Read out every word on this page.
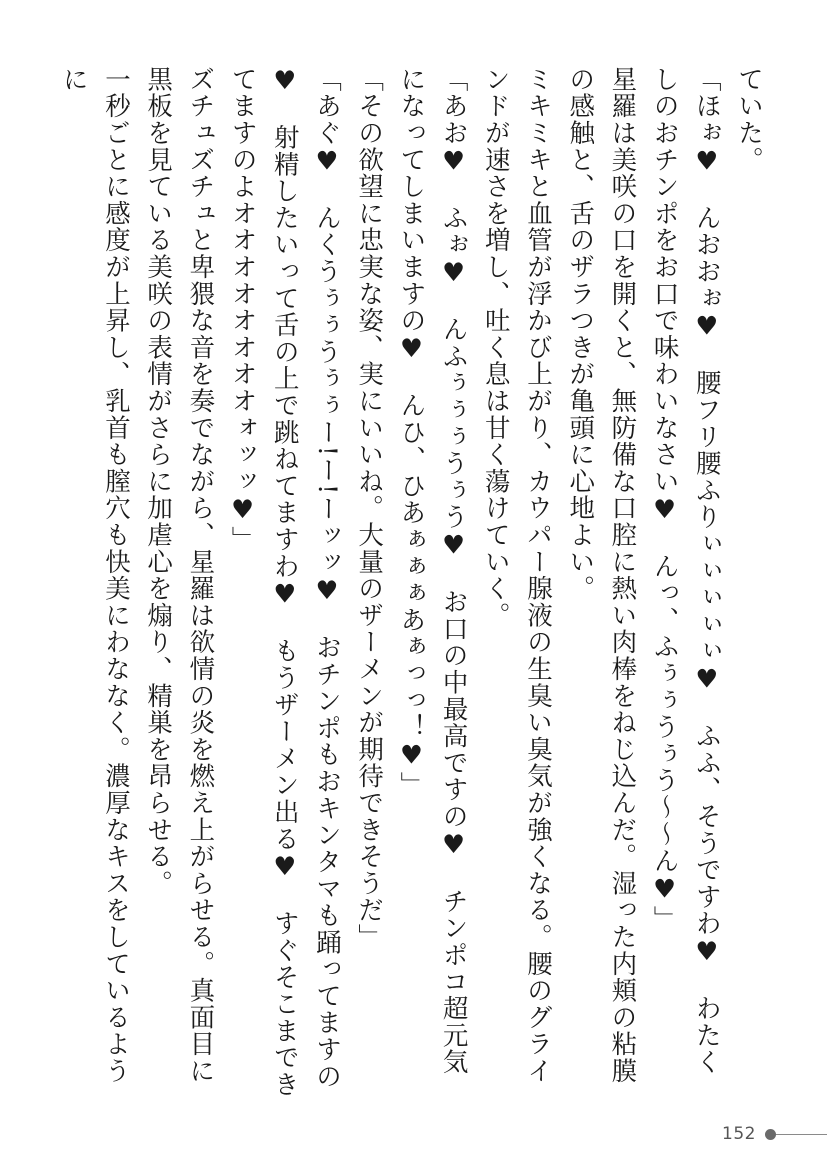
ていた。

「ほぉ♥　んおおぉ♥　腰フリ腰ふりぃぃぃぃぃ♥　ふふ、そうですわ♥　わたくしのおチンポをお口で味わいなさい♥　んっ、ふぅぅうぅう〜〜ん♥」

星羅は美咲の口を開くと、無防備な口腔に熱い肉棒をねじ込んだ。湿った内頬の粘膜の感触と、舌のザラつきが亀頭に心地よい。

ミキミキと血管が浮かび上がり、カウパー腺液の生臭い臭気が強くなる。腰のグラインドが速さを増し、吐く息は甘く蕩けていく。

「あお♥　ふぉ♥　んふぅぅぅうぅう♥　お口の中最高ですの♥　チンポコ超元気になってしまいますの♥　んひ、ひあぁぁぁあぁっっ！♥」

「その欲望に忠実な姿、実にいいね。大量のザーメンが期待できそうだ」

「あぐ♥　んくうぅぅうぅぅー!ー!ーッッ♥　おチンポもおキンタマも踊ってますの♥　射精したいって舌の上で跳ねてますわ♥　もうザーメン出る♥　すぐそこまできてますのよオオオオオオオオォッッ♥」

ズチュズチュと卑猥な音を奏でながら、星羅は欲情の炎を燃え上がらせる。真面目に黒板を見ている美咲の表情がさらに加虐心を煽り、精巣を昂らせる。

一秒ごとに感度が上昇し、乳首も膣穴も快美にわななく。濃厚なキスをしているように

152
